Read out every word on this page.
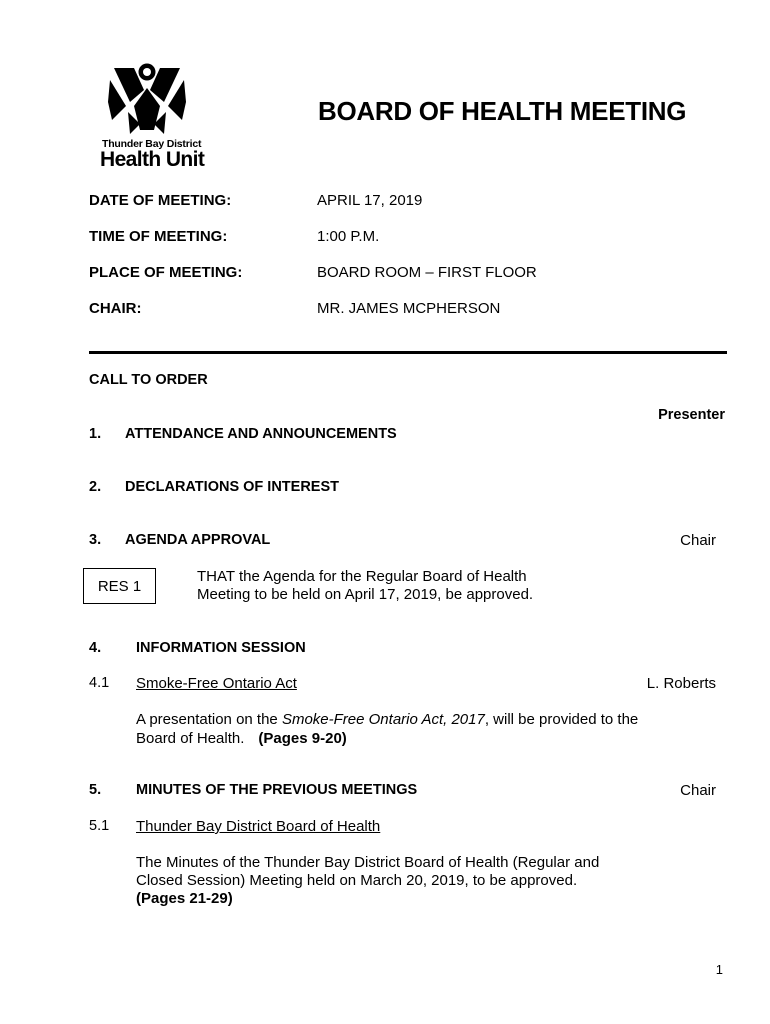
Thunder Bay District
Health Unit
BOARD OF HEALTH MEETING
DATE OF MEETING:	APRIL 17, 2019
TIME OF MEETING:	1:00 P.M.
PLACE OF MEETING:	BOARD ROOM – FIRST FLOOR
CHAIR:	MR. JAMES MCPHERSON
CALL TO ORDER
Presenter
1. ATTENDANCE AND ANNOUNCEMENTS
2. DECLARATIONS OF INTEREST
3. AGENDA APPROVAL	Chair
RES 1
THAT the Agenda for the Regular Board of Health
Meeting to be held on April 17, 2019, be approved.
4. INFORMATION SESSION
4.1 Smoke-Free Ontario Act	L. Roberts
A presentation on the Smoke-Free Ontario Act, 2017, will be provided to the
Board of Health. (Pages 9-20)
5. MINUTES OF THE PREVIOUS MEETINGS	Chair
5.1 Thunder Bay District Board of Health
The Minutes of the Thunder Bay District Board of Health (Regular and
Closed Session) Meeting held on March 20, 2019, to be approved.
(Pages 21-29)
1
